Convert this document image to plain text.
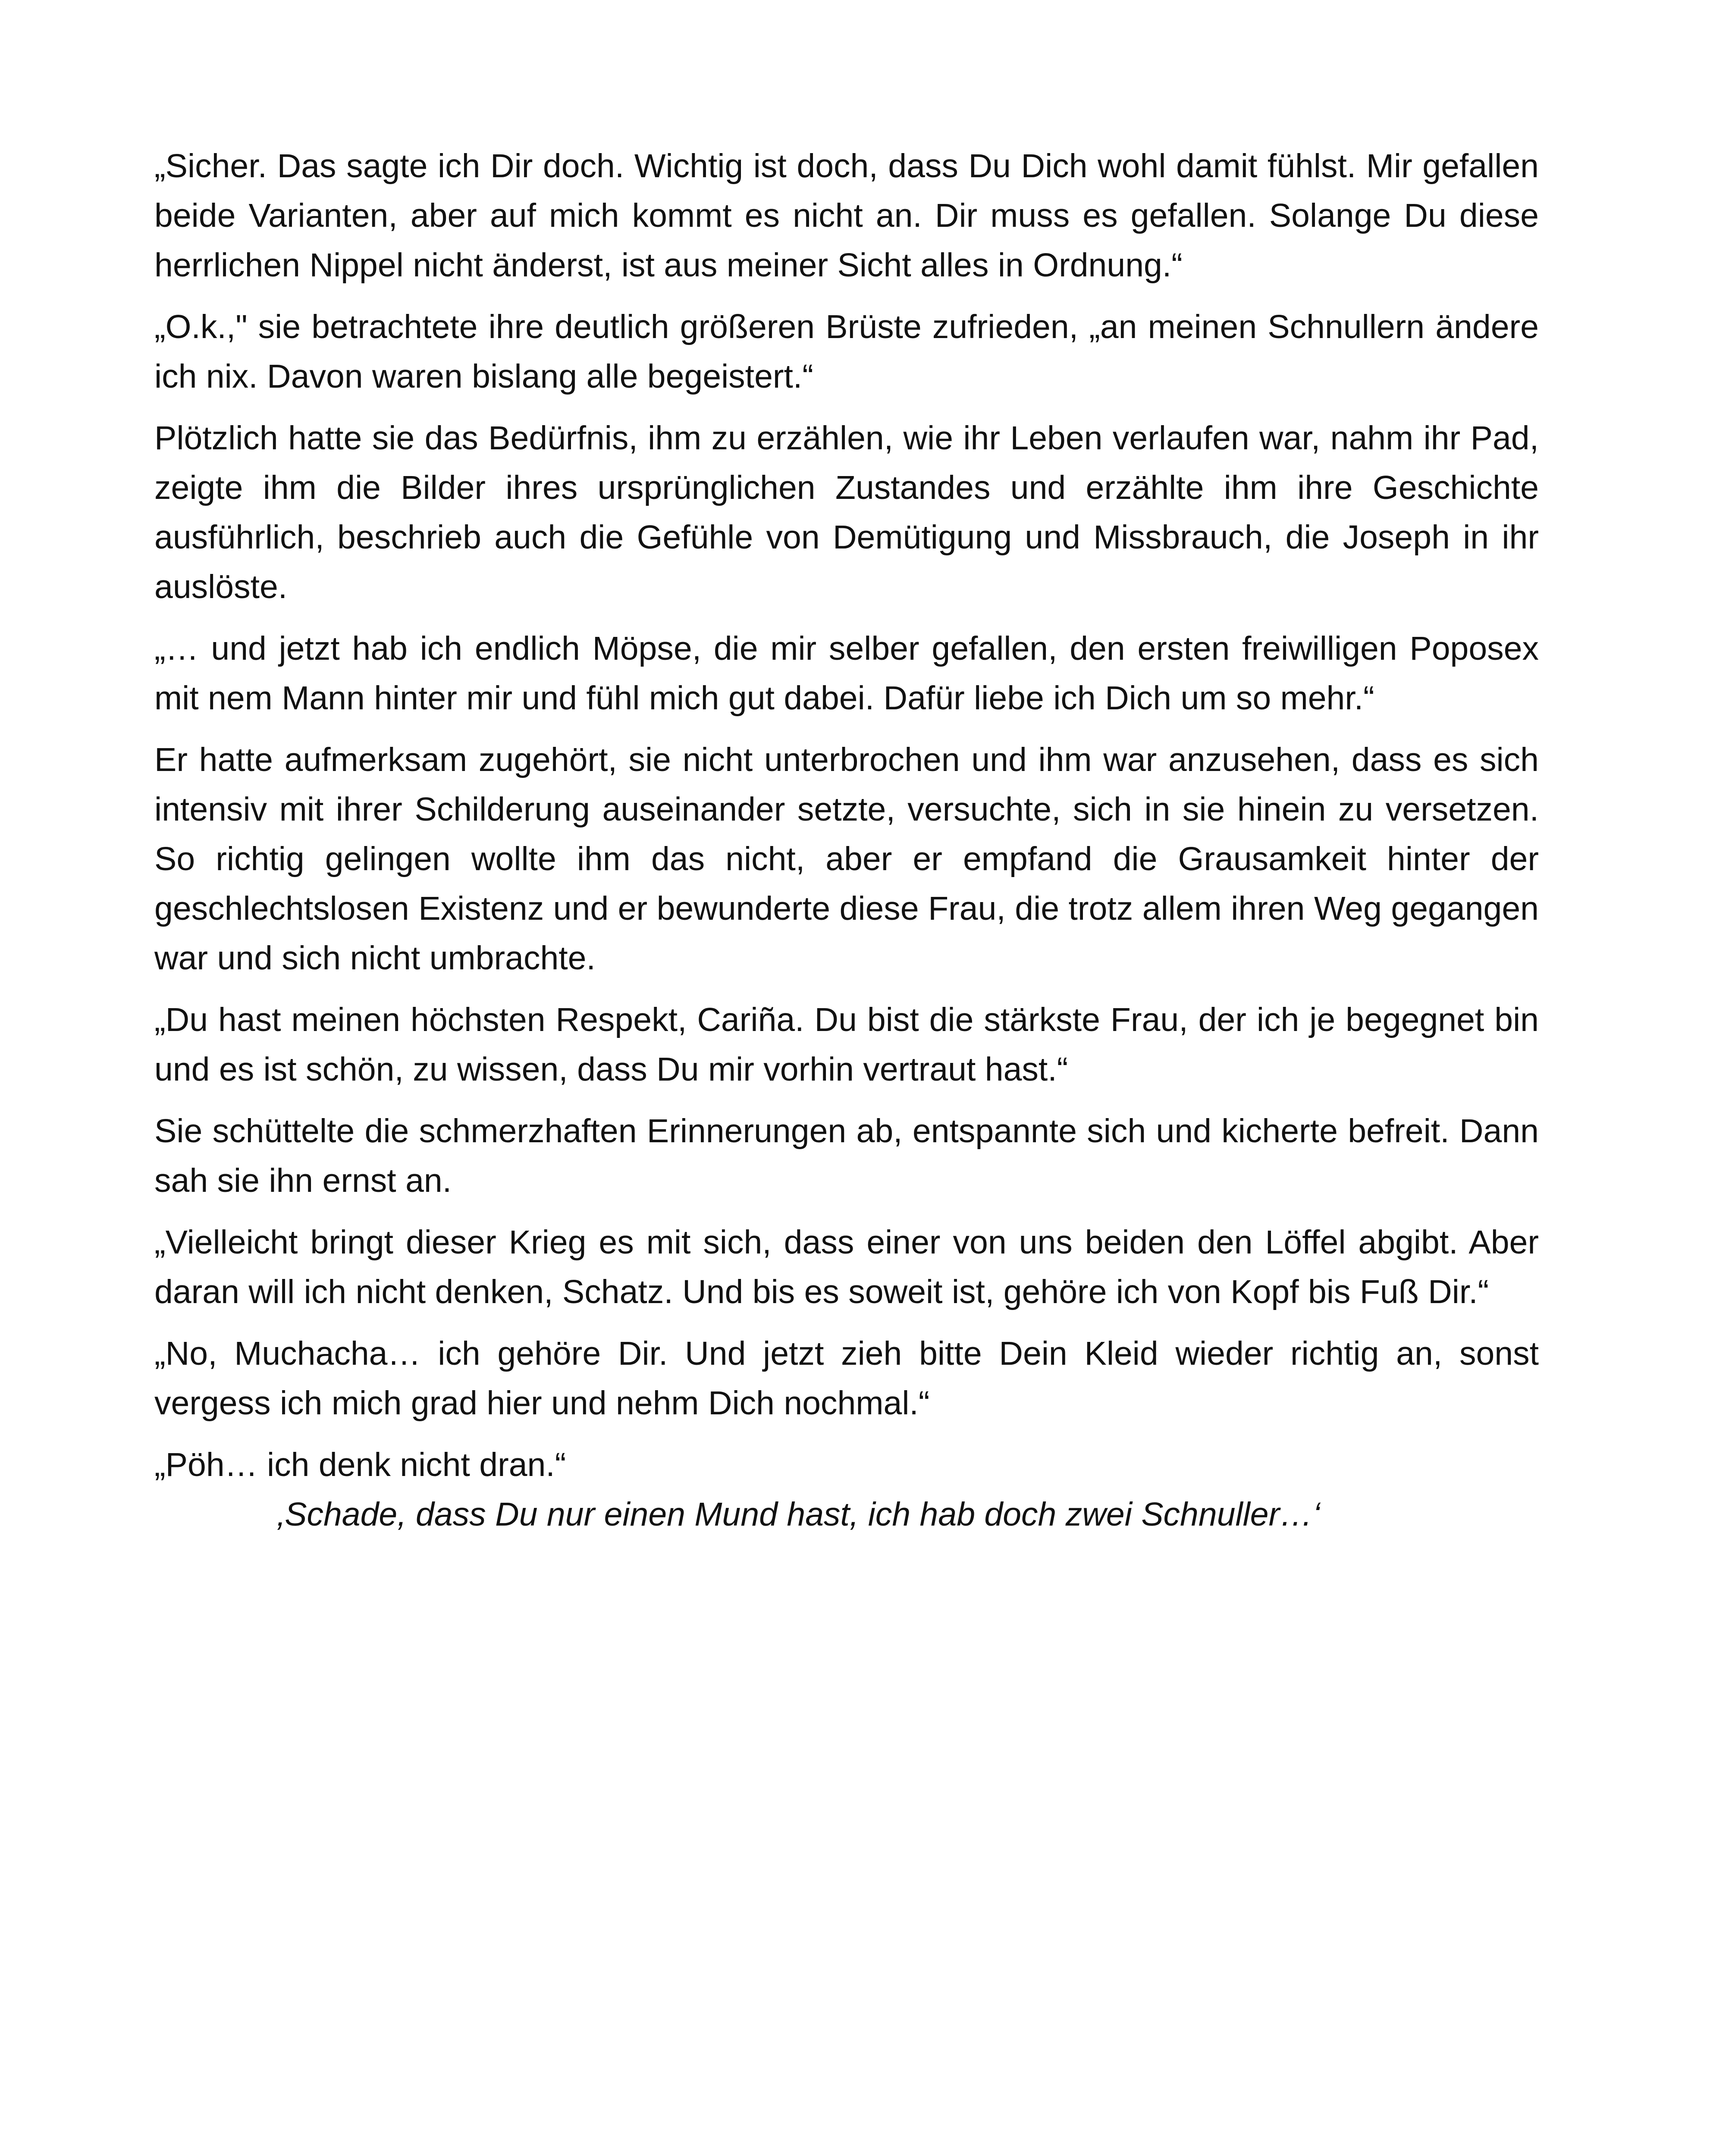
„Sicher. Das sagte ich Dir doch. Wichtig ist doch, dass Du Dich wohl damit fühlst. Mir gefallen beide Varianten, aber auf mich kommt es nicht an. Dir muss es gefallen. Solange Du diese herrlichen Nippel nicht änderst, ist aus meiner Sicht alles in Ordnung.“

„O.k.," sie betrachtete ihre deutlich größeren Brüste zufrieden, „an meinen Schnullern ändere ich nix. Davon waren bislang alle begeistert.“

Plötzlich hatte sie das Bedürfnis, ihm zu erzählen, wie ihr Leben verlaufen war, nahm ihr Pad, zeigte ihm die Bilder ihres ursprünglichen Zustandes und erzählte ihm ihre Geschichte ausführlich, beschrieb auch die Gefühle von Demütigung und Missbrauch, die Joseph in ihr auslöste.

„… und jetzt hab ich endlich Möpse, die mir selber gefallen, den ersten freiwilligen Poposex mit nem Mann hinter mir und fühl mich gut dabei. Dafür liebe ich Dich um so mehr.“

Er hatte aufmerksam zugehört, sie nicht unterbrochen und ihm war anzusehen, dass es sich intensiv mit ihrer Schilderung auseinander setzte, versuchte, sich in sie hinein zu versetzen. So richtig gelingen wollte ihm das nicht, aber er empfand die Grausamkeit hinter der geschlechtslosen Existenz und er bewunderte diese Frau, die trotz allem ihren Weg gegangen war und sich nicht umbrachte.

„Du hast meinen höchsten Respekt, Cariña. Du bist die stärkste Frau, der ich je begegnet bin und es ist schön, zu wissen, dass Du mir vorhin vertraut hast.“

Sie schüttelte die schmerzhaften Erinnerungen ab, entspannte sich und kicherte befreit. Dann sah sie ihn ernst an.

„Vielleicht bringt dieser Krieg es mit sich, dass einer von uns beiden den Löffel abgibt. Aber daran will ich nicht denken, Schatz. Und bis es soweit ist, gehöre ich von Kopf bis Fuß Dir.“

„No, Muchacha… ich gehöre Dir. Und jetzt zieh bitte Dein Kleid wieder richtig an, sonst vergess ich mich grad hier und nehm Dich nochmal.“

„Pöh… ich denk nicht dran.“

‚Schade, dass Du nur einen Mund hast, ich hab doch zwei Schnuller…‘
